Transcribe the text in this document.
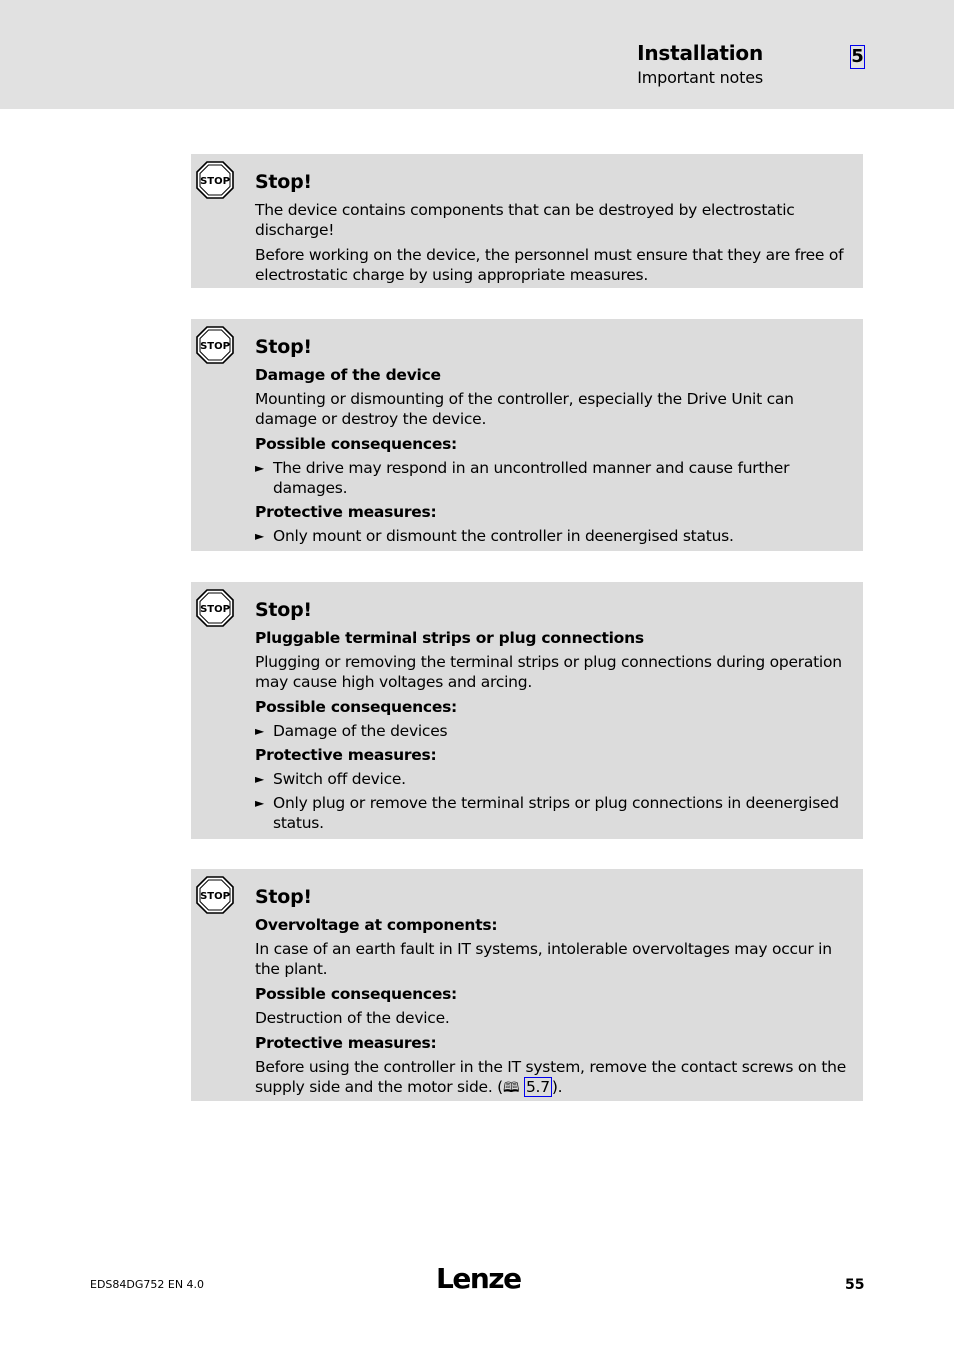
Installation
Important notes
5
STOP Stop!
The device contains components that can be destroyed by electrostatic discharge!
Before working on the device, the personnel must ensure that they are free of electrostatic charge by using appropriate measures.
STOP Stop!
Damage of the device
Mounting or dismounting of the controller, especially the Drive Unit can damage or destroy the device.
Possible consequences:
► The drive may respond in an uncontrolled manner and cause further damages.
Protective measures:
► Only mount or dismount the controller in deenergised status.
STOP Stop!
Pluggable terminal strips or plug connections
Plugging or removing the terminal strips or plug connections during operation may cause high voltages and arcing.
Possible consequences:
► Damage of the devices
Protective measures:
► Switch off device.
► Only plug or remove the terminal strips or plug connections in deenergised status.
STOP Stop!
Overvoltage at components:
In case of an earth fault in IT systems, intolerable overvoltages may occur in the plant.
Possible consequences:
Destruction of the device.
Protective measures:
Before using the controller in the IT system, remove the contact screws on the supply side and the motor side. (🕮 5.7 ).
EDS84DG752 EN 4.0	Lenze	55
